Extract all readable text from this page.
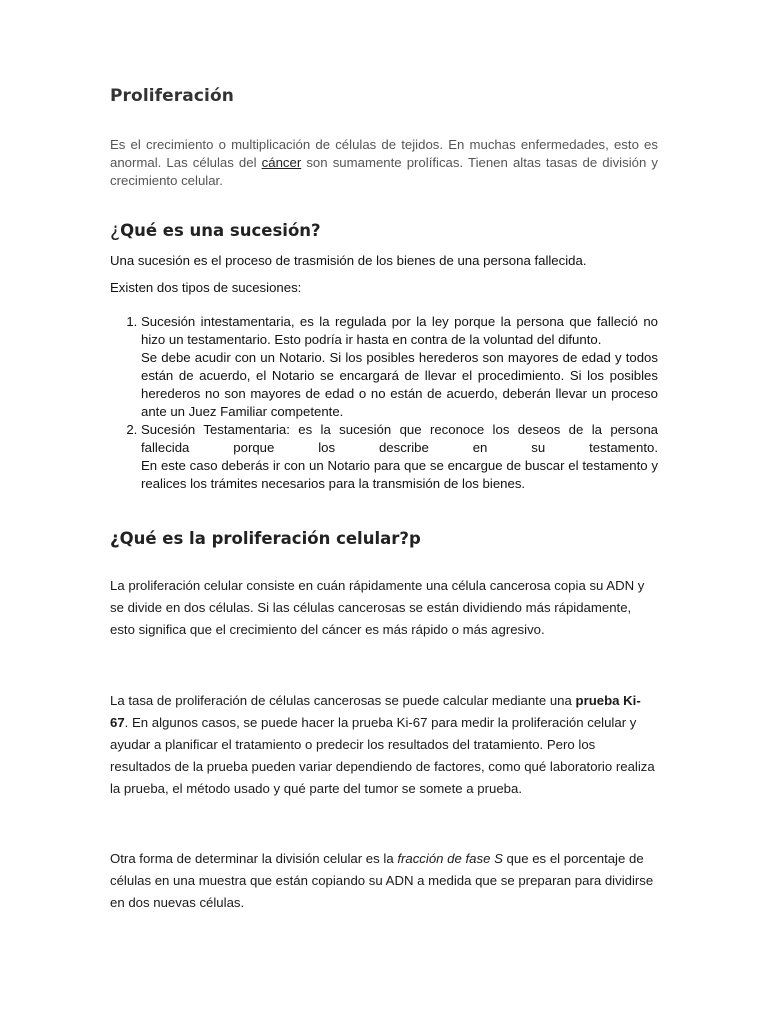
Proliferación

Es el crecimiento o multiplicación de células de tejidos. En muchas enfermedades, esto es anormal. Las células del cáncer son sumamente prolíficas. Tienen altas tasas de división y crecimiento celular.

¿Qué es una sucesión?
Una sucesión es el proceso de trasmisión de los bienes de una persona fallecida.
Existen dos tipos de sucesiones:
1. Sucesión intestamentaria, es la regulada por la ley porque la persona que falleció no hizo un testamentario. Esto podría ir hasta en contra de la voluntad del difunto.
Se debe acudir con un Notario. Si los posibles herederos son mayores de edad y todos están de acuerdo, el Notario se encargará de llevar el procedimiento. Si los posibles herederos no son mayores de edad o no están de acuerdo, deberán llevar un proceso ante un Juez Familiar competente.
2. Sucesión Testamentaria: es la sucesión que reconoce los deseos de la persona fallecida porque los describe en su testamento.
En este caso deberás ir con un Notario para que se encargue de buscar el testamento y realices los trámites necesarios para la transmisión de los bienes.
¿Qué es la proliferación celular?p
La proliferación celular consiste en cuán rápidamente una célula cancerosa copia su ADN y se divide en dos células. Si las células cancerosas se están dividiendo más rápidamente, esto significa que el crecimiento del cáncer es más rápido o más agresivo.
La tasa de proliferación de células cancerosas se puede calcular mediante una prueba Ki-67. En algunos casos, se puede hacer la prueba Ki-67 para medir la proliferación celular y ayudar a planificar el tratamiento o predecir los resultados del tratamiento. Pero los resultados de la prueba pueden variar dependiendo de factores, como qué laboratorio realiza la prueba, el método usado y qué parte del tumor se somete a prueba.
Otra forma de determinar la división celular es la fracción de fase S que es el porcentaje de células en una muestra que están copiando su ADN a medida que se preparan para dividirse en dos nuevas células.
